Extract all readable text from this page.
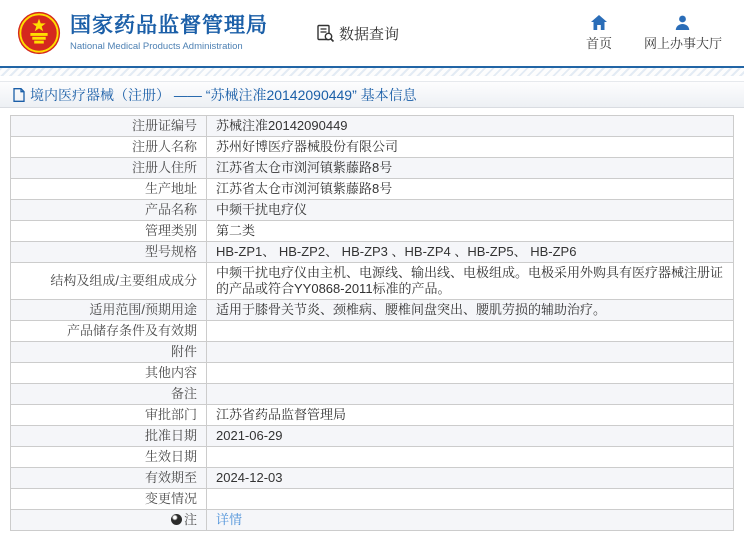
国家药品监督管理局
National Medical Products Administration
数据查询
首页 网上办事大厅
境内医疗器械（注册） —— “苏械注准20142090449” 基本信息
注册证编号	苏械注准20142090449
注册人名称	苏州好博医疗器械股份有限公司
注册人住所	江苏省太仓市浏河镇紫藤路8号
生产地址	江苏省太仓市浏河镇紫藤路8号
产品名称	中频干扰电疗仪
管理类别	第二类
型号规格	HB-ZP1、 HB-ZP2、 HB-ZP3 、HB-ZP4 、HB-ZP5、 HB-ZP6
结构及组成/主要组成成分	中频干扰电疗仪由主机、电源线、输出线、电极组成。电极采用外购具有医疗器械注册证的产品或符合YY0868-2011标准的产品。
适用范围/预期用途	适用于膝骨关节炎、颈椎病、腰椎间盘突出、腰肌劳损的辅助治疗。
产品储存条件及有效期	
附件	
其他内容	
备注	
审批部门	江苏省药品监督管理局
批准日期	2021-06-29
生效日期	
有效期至	2024-12-03
变更情况	
注	详情
